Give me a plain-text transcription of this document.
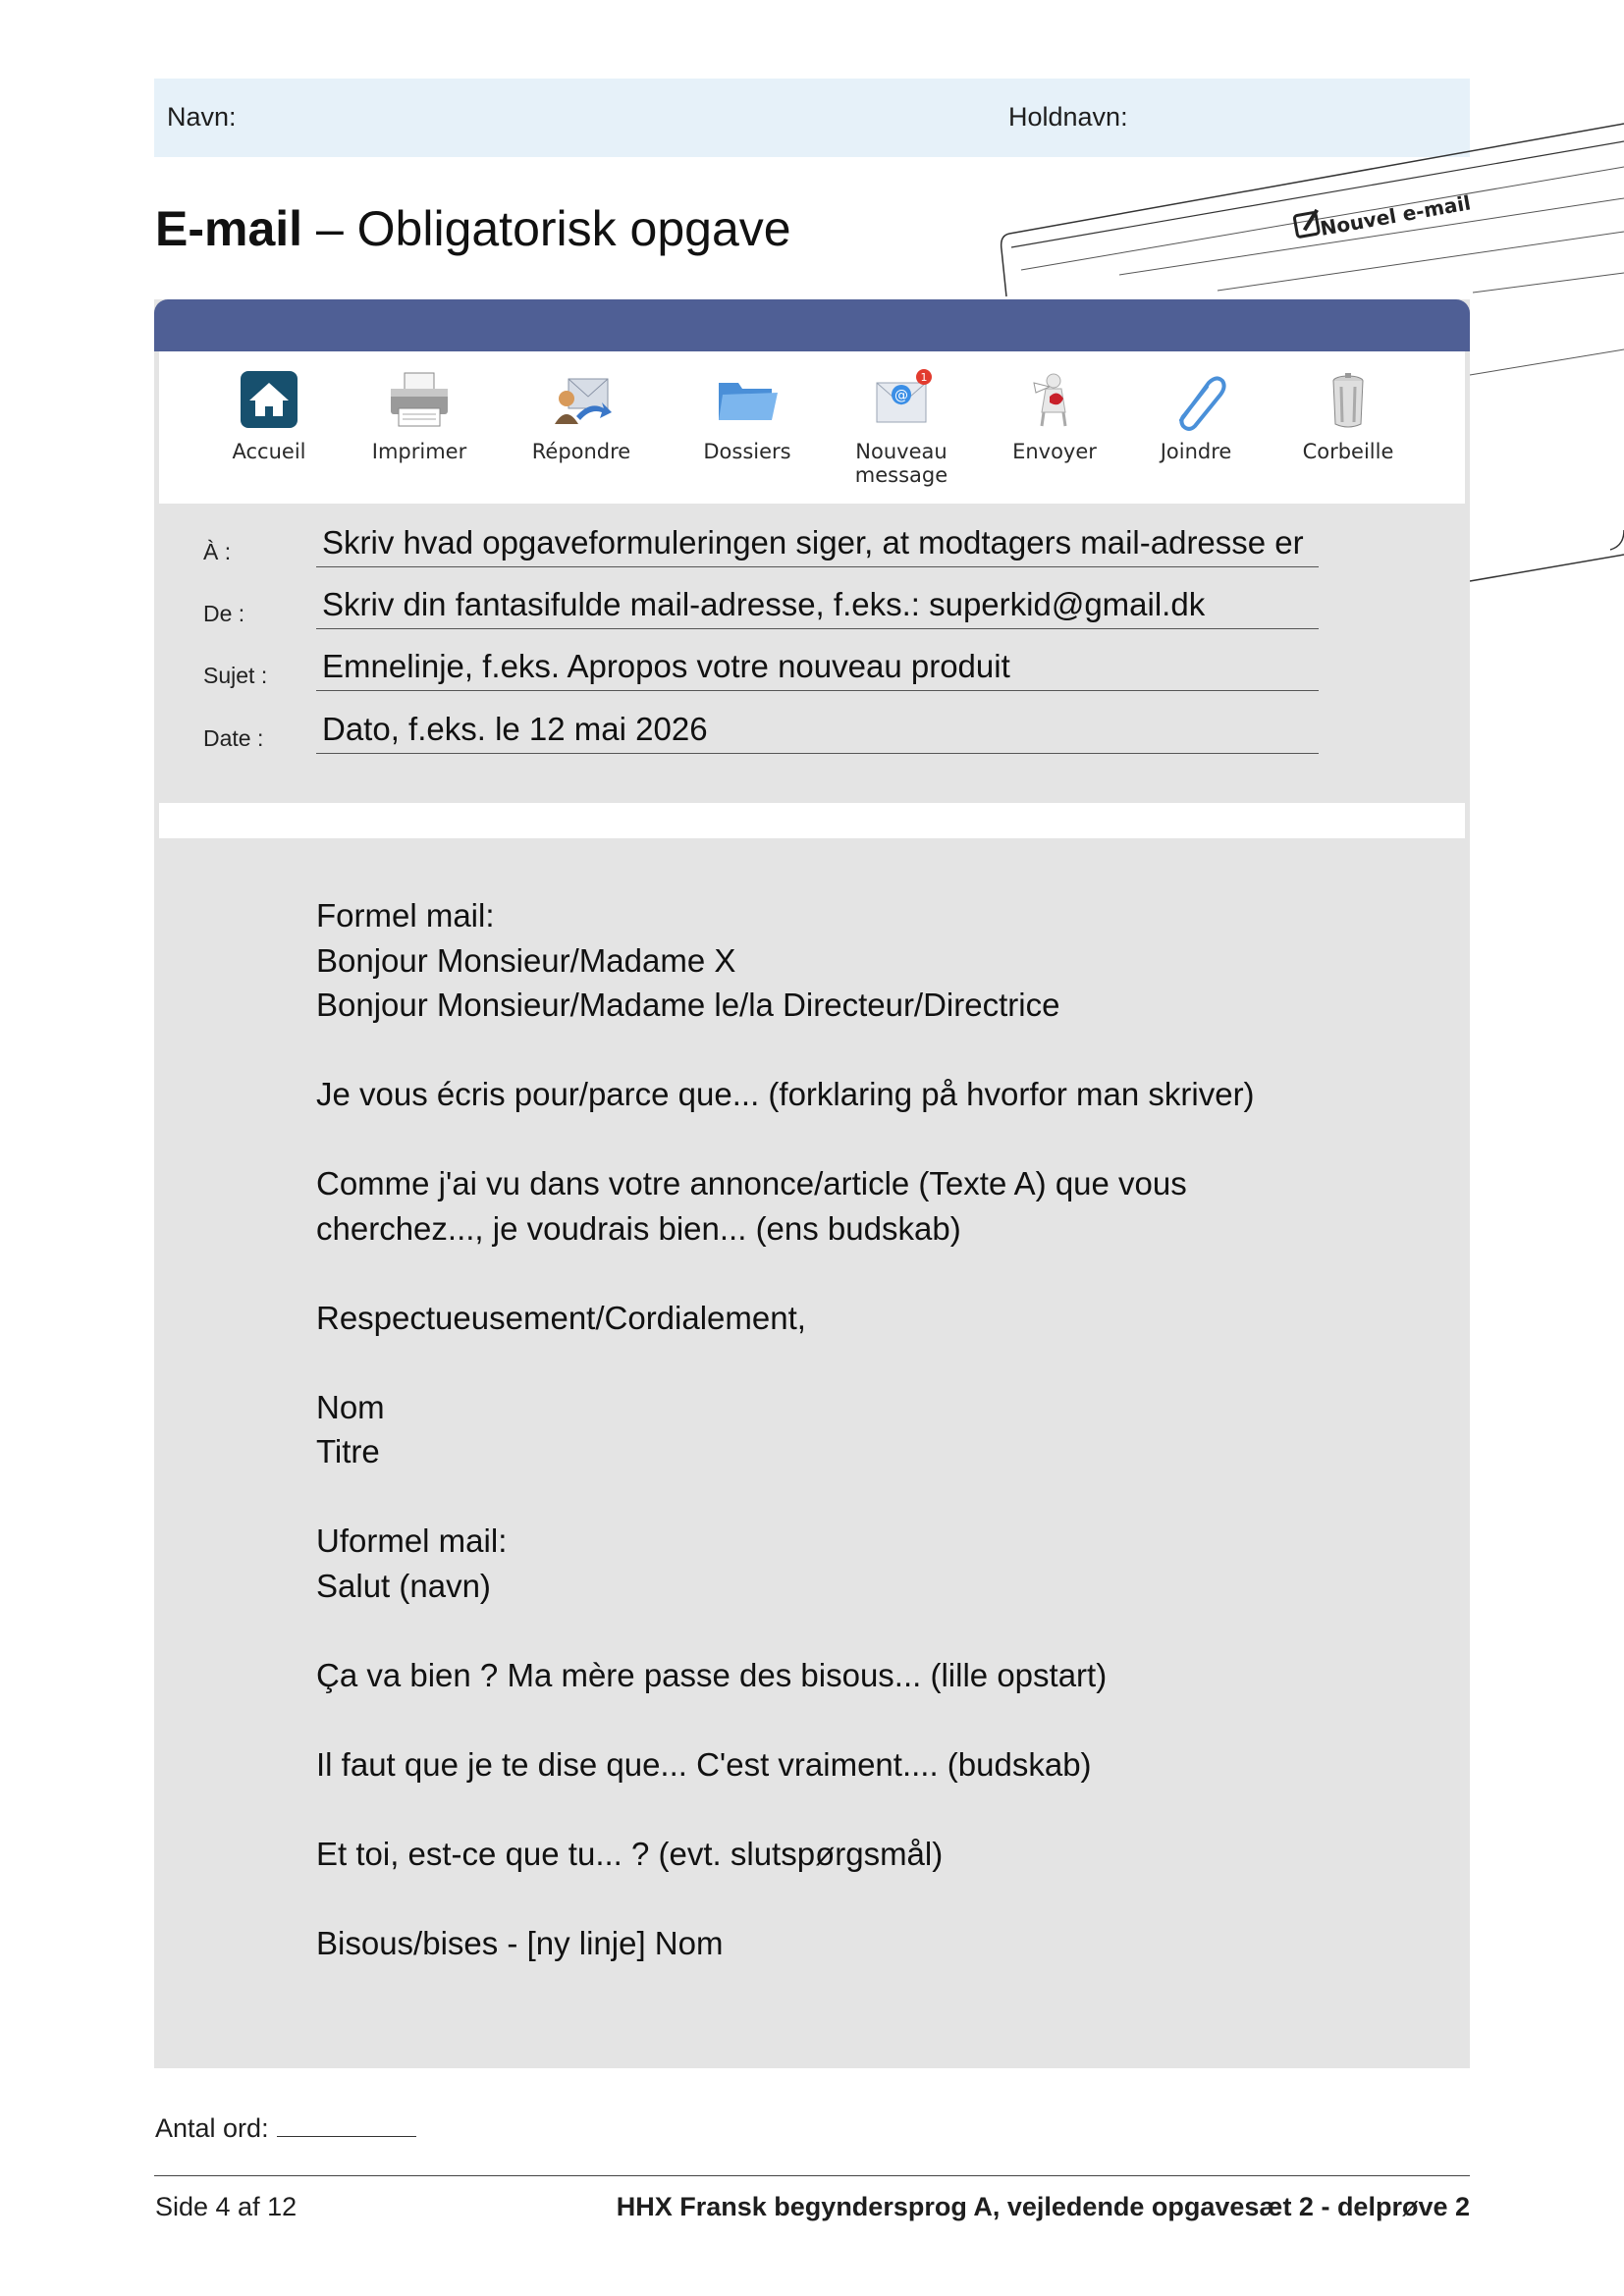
Navn:	Holdnavn:
E-mail – Obligatorisk opgave	Nouvel e-mail
Accueil	Imprimer	Répondre	Dossiers
@
1
Nouveau
message
Envoyer	Joindre	Corbeille
À :	Skriv hvad opgaveformuleringen siger, at modtagers mail-adresse er
De : Skriv din fantasifulde mail-adresse, f.eks.: superkid@gmail.dk
Sujet : Emnelinje, f.eks. Apropos votre nouveau produit
Date : Dato, f.eks. le 12 mai 2026

Formel mail:

Bonjour Monsieur/Madame X

Bonjour Monsieur/Madame le/la Directeur/Directrice

Je vous écris pour/parce que... (forklaring på hvorfor man skriver)

Comme j'ai vu dans votre annonce/article (Texte A) que vous

cherchez..., je voudrais bien... (ens budskab)

Respectueusement/Cordialement,

Nom

Titre

Uformel mail:

Salut (navn)

Ça va bien ? Ma mère passe des bisous... (lille opstart)

Il faut que je te dise que... C'est vraiment.... (budskab)

Et toi, est-ce que tu... ? (evt. slutspørgsmål)

Bisous/bises - [ny linje] Nom

Antal ord:
Side 4 af 12	HHX Fransk begyndersprog A, vejledende opgavesæt 2 - delprøve 2
